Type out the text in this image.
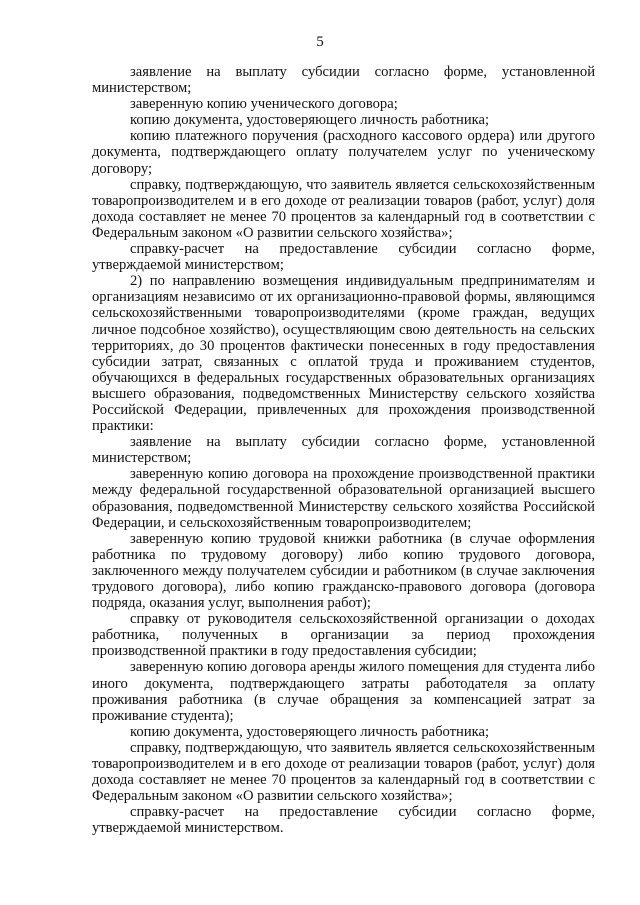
5

заявление на выплату субсидии согласно форме, установленной министерством;

заверенную копию ученического договора;

копию документа, удостоверяющего личность работника;

копию платежного поручения (расходного кассового ордера) или другого документа, подтверждающего оплату получателем услуг по ученическому договору;

справку, подтверждающую, что заявитель является сельскохозяйственным товаропроизводителем и в его доходе от реализации товаров (работ, услуг) доля дохода составляет не менее 70 процентов за календарный год в соответствии с Федеральным законом «О развитии сельского хозяйства»;

справку-расчет на предоставление субсидии согласно форме, утверждаемой министерством;

2) по направлению возмещения индивидуальным предпринимателям и организациям независимо от их организационно-правовой формы, являющимся сельскохозяйственными товаропроизводителями (кроме граждан, ведущих личное подсобное хозяйство), осуществляющим свою деятельность на сельских территориях, до 30 процентов фактически понесенных в году предоставления субсидии затрат, связанных с оплатой труда и проживанием студентов, обучающихся в федеральных государственных образовательных организациях высшего образования, подведомственных Министерству сельского хозяйства Российской Федерации, привлеченных для прохождения производственной практики:

заявление на выплату субсидии согласно форме, установленной министерством;

заверенную копию договора на прохождение производственной практики между федеральной государственной образовательной организацией высшего образования, подведомственной Министерству сельского хозяйства Российской Федерации, и сельскохозяйственным товаропроизводителем;

заверенную копию трудовой книжки работника (в случае оформления работника по трудовому договору) либо копию трудового договора, заключенного между получателем субсидии и работником (в случае заключения трудового договора), либо копию гражданско-правового договора (договора подряда, оказания услуг, выполнения работ);

справку от руководителя сельскохозяйственной организации о доходах работника, полученных в организации за период прохождения производственной практики в году предоставления субсидии;

заверенную копию договора аренды жилого помещения для студента либо иного документа, подтверждающего затраты работодателя за оплату проживания работника (в случае обращения за компенсацией затрат за проживание студента);

копию документа, удостоверяющего личность работника;

справку, подтверждающую, что заявитель является сельскохозяйственным товаропроизводителем и в его доходе от реализации товаров (работ, услуг) доля дохода составляет не менее 70 процентов за календарный год в соответствии с Федеральным законом «О развитии сельского хозяйства»;

справку-расчет на предоставление субсидии согласно форме, утверждаемой министерством.
